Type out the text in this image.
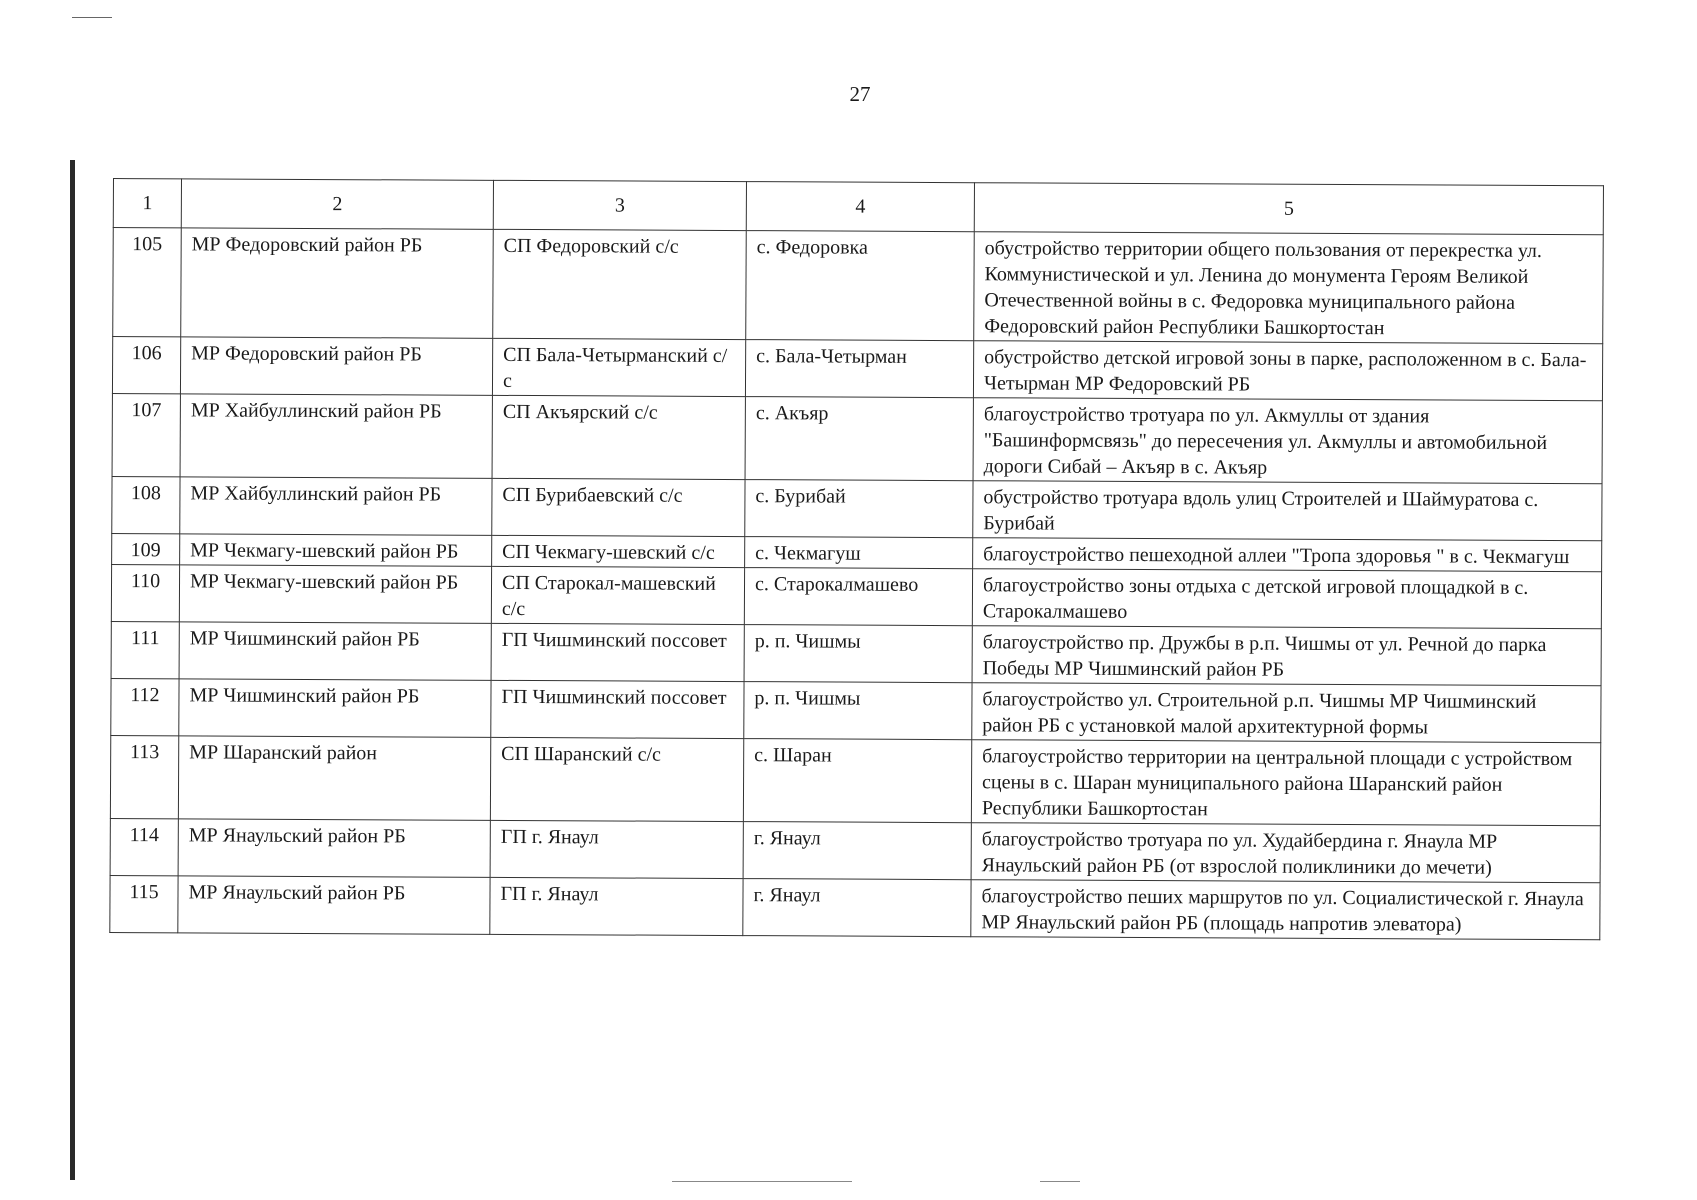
27
1	2	3	4	5
105	МР Федоровский район РБ	СП Федоровский с/с	с. Федоровка	обустройство территории общего пользования от перекрестка ул. Коммунистической и ул. Ленина до монумента Героям Великой Отечественной войны в с. Федоровка муниципального района Федоровский район Республики Башкортостан
106	МР Федоровский район РБ	СП Бала-Четырманский с/с	с. Бала-Четырман	обустройство детской игровой зоны в парке, расположенном в с. Бала-Четырман МР Федоровский РБ
107	МР Хайбуллинский район РБ	СП Акъярский с/с	с. Акъяр	благоустройство тротуара по ул. Акмуллы от здания "Башинформсвязь" до пересечения ул. Акмуллы и автомобильной дороги Сибай – Акъяр в с. Акъяр
108	МР Хайбуллинский район РБ	СП Бурибаевский с/с	с. Бурибай	обустройство тротуара вдоль улиц Строителей и Шаймуратова с. Бурибай
109	МР Чекмагу-шевский район РБ	СП Чекмагу-шевский с/с	с. Чекмагуш	благоустройство пешеходной аллеи "Тропа здоровья " в с. Чекмагуш
110	МР Чекмагу-шевский район РБ	СП Старокал-машевский с/с	с. Старокалмашево	благоустройство зоны отдыха с детской игровой площадкой в с. Старокалмашево
111	МР Чишминский район РБ	ГП Чишминский поссовет	р. п. Чишмы	благоустройство пр. Дружбы в р.п. Чишмы от ул. Речной до парка Победы МР Чишминский район РБ
112	МР Чишминский район РБ	ГП Чишминский поссовет	р. п. Чишмы	благоустройство ул. Строительной р.п. Чишмы МР Чишминский район РБ с установкой малой архитектурной формы
113	МР Шаранский район	СП Шаранский с/с	с. Шаран	благоустройство территории на центральной площади с устройством сцены в с. Шаран муниципального района Шаранский район Республики Башкортостан
114	МР Янаульский район РБ	ГП г. Янаул	г. Янаул	благоустройство тротуара по ул. Худайбердина г. Янаула МР Янаульский район РБ (от взрослой поликлиники до мечети)
115	МР Янаульский район РБ	ГП г. Янаул	г. Янаул	благоустройство пеших маршрутов по ул. Социалистической г. Янаула МР Янаульский район РБ (площадь напротив элеватора)
